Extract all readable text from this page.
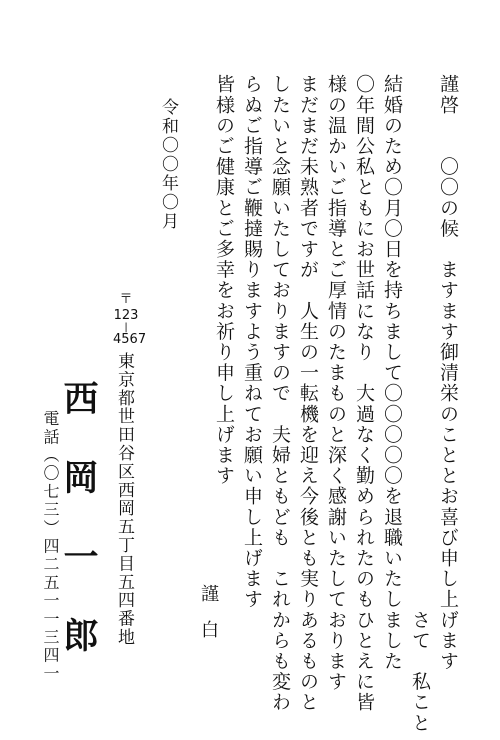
謹啓　　〇〇の候　ますます御清栄のこととお喜び申し上げます
　　　　　　　　　　　　　　　　　　　　　　　　　　さて　私こと
結婚のため〇月〇日を持ちまして〇〇〇〇〇を退職いたしました
〇年間公私ともにお世話になり　大過なく勤められたのもひとえに皆
様の温かいご指導とご厚情のたまものと深く感謝いたしております
まだまだ未熟者ですが　人生の一転機を迎え今後とも実りあるものと
したいと念願いたしておりますので　夫婦ともども　これからも変わ
らぬご指導ご鞭撻賜りますよう重ねてお願い申し上げます
皆様のご健康とご多幸をお祈り申し上げます
謹白
令和〇〇年〇月
〒
123
|
4567
東京都世田谷区西岡五丁目五四番地
西岡一郎
電話（〇七三）四二五一一三四一
